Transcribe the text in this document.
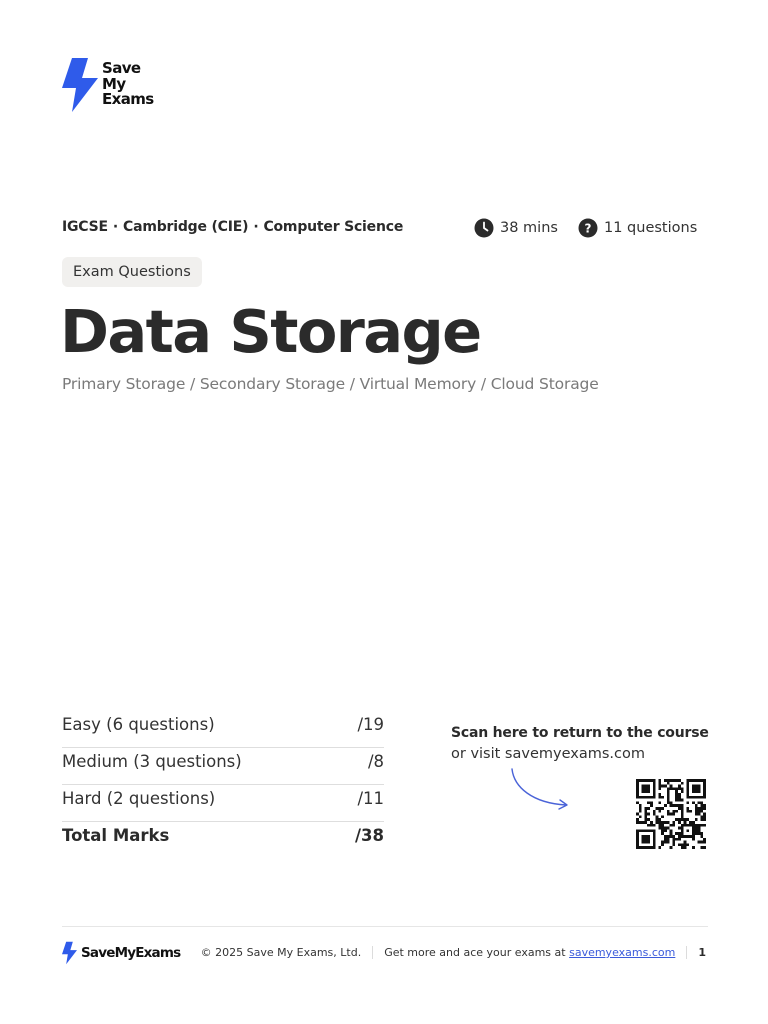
Save
My
Exams
IGCSE · Cambridge (CIE) · Computer Science	38 mins ? 11 questions
Exam Questions
Data Storage
Primary Storage / Secondary Storage / Virtual Memory / Cloud Storage
Easy (6 questions)	/19
Medium (3 questions)	/8
Hard (2 questions)	/11
Total Marks	/38
Scan here to return to the course
or visit savemyexams.com
SaveMyExams © 2025 Save My Exams, Ltd. Get more and ace your exams at savemyexams.com 1
